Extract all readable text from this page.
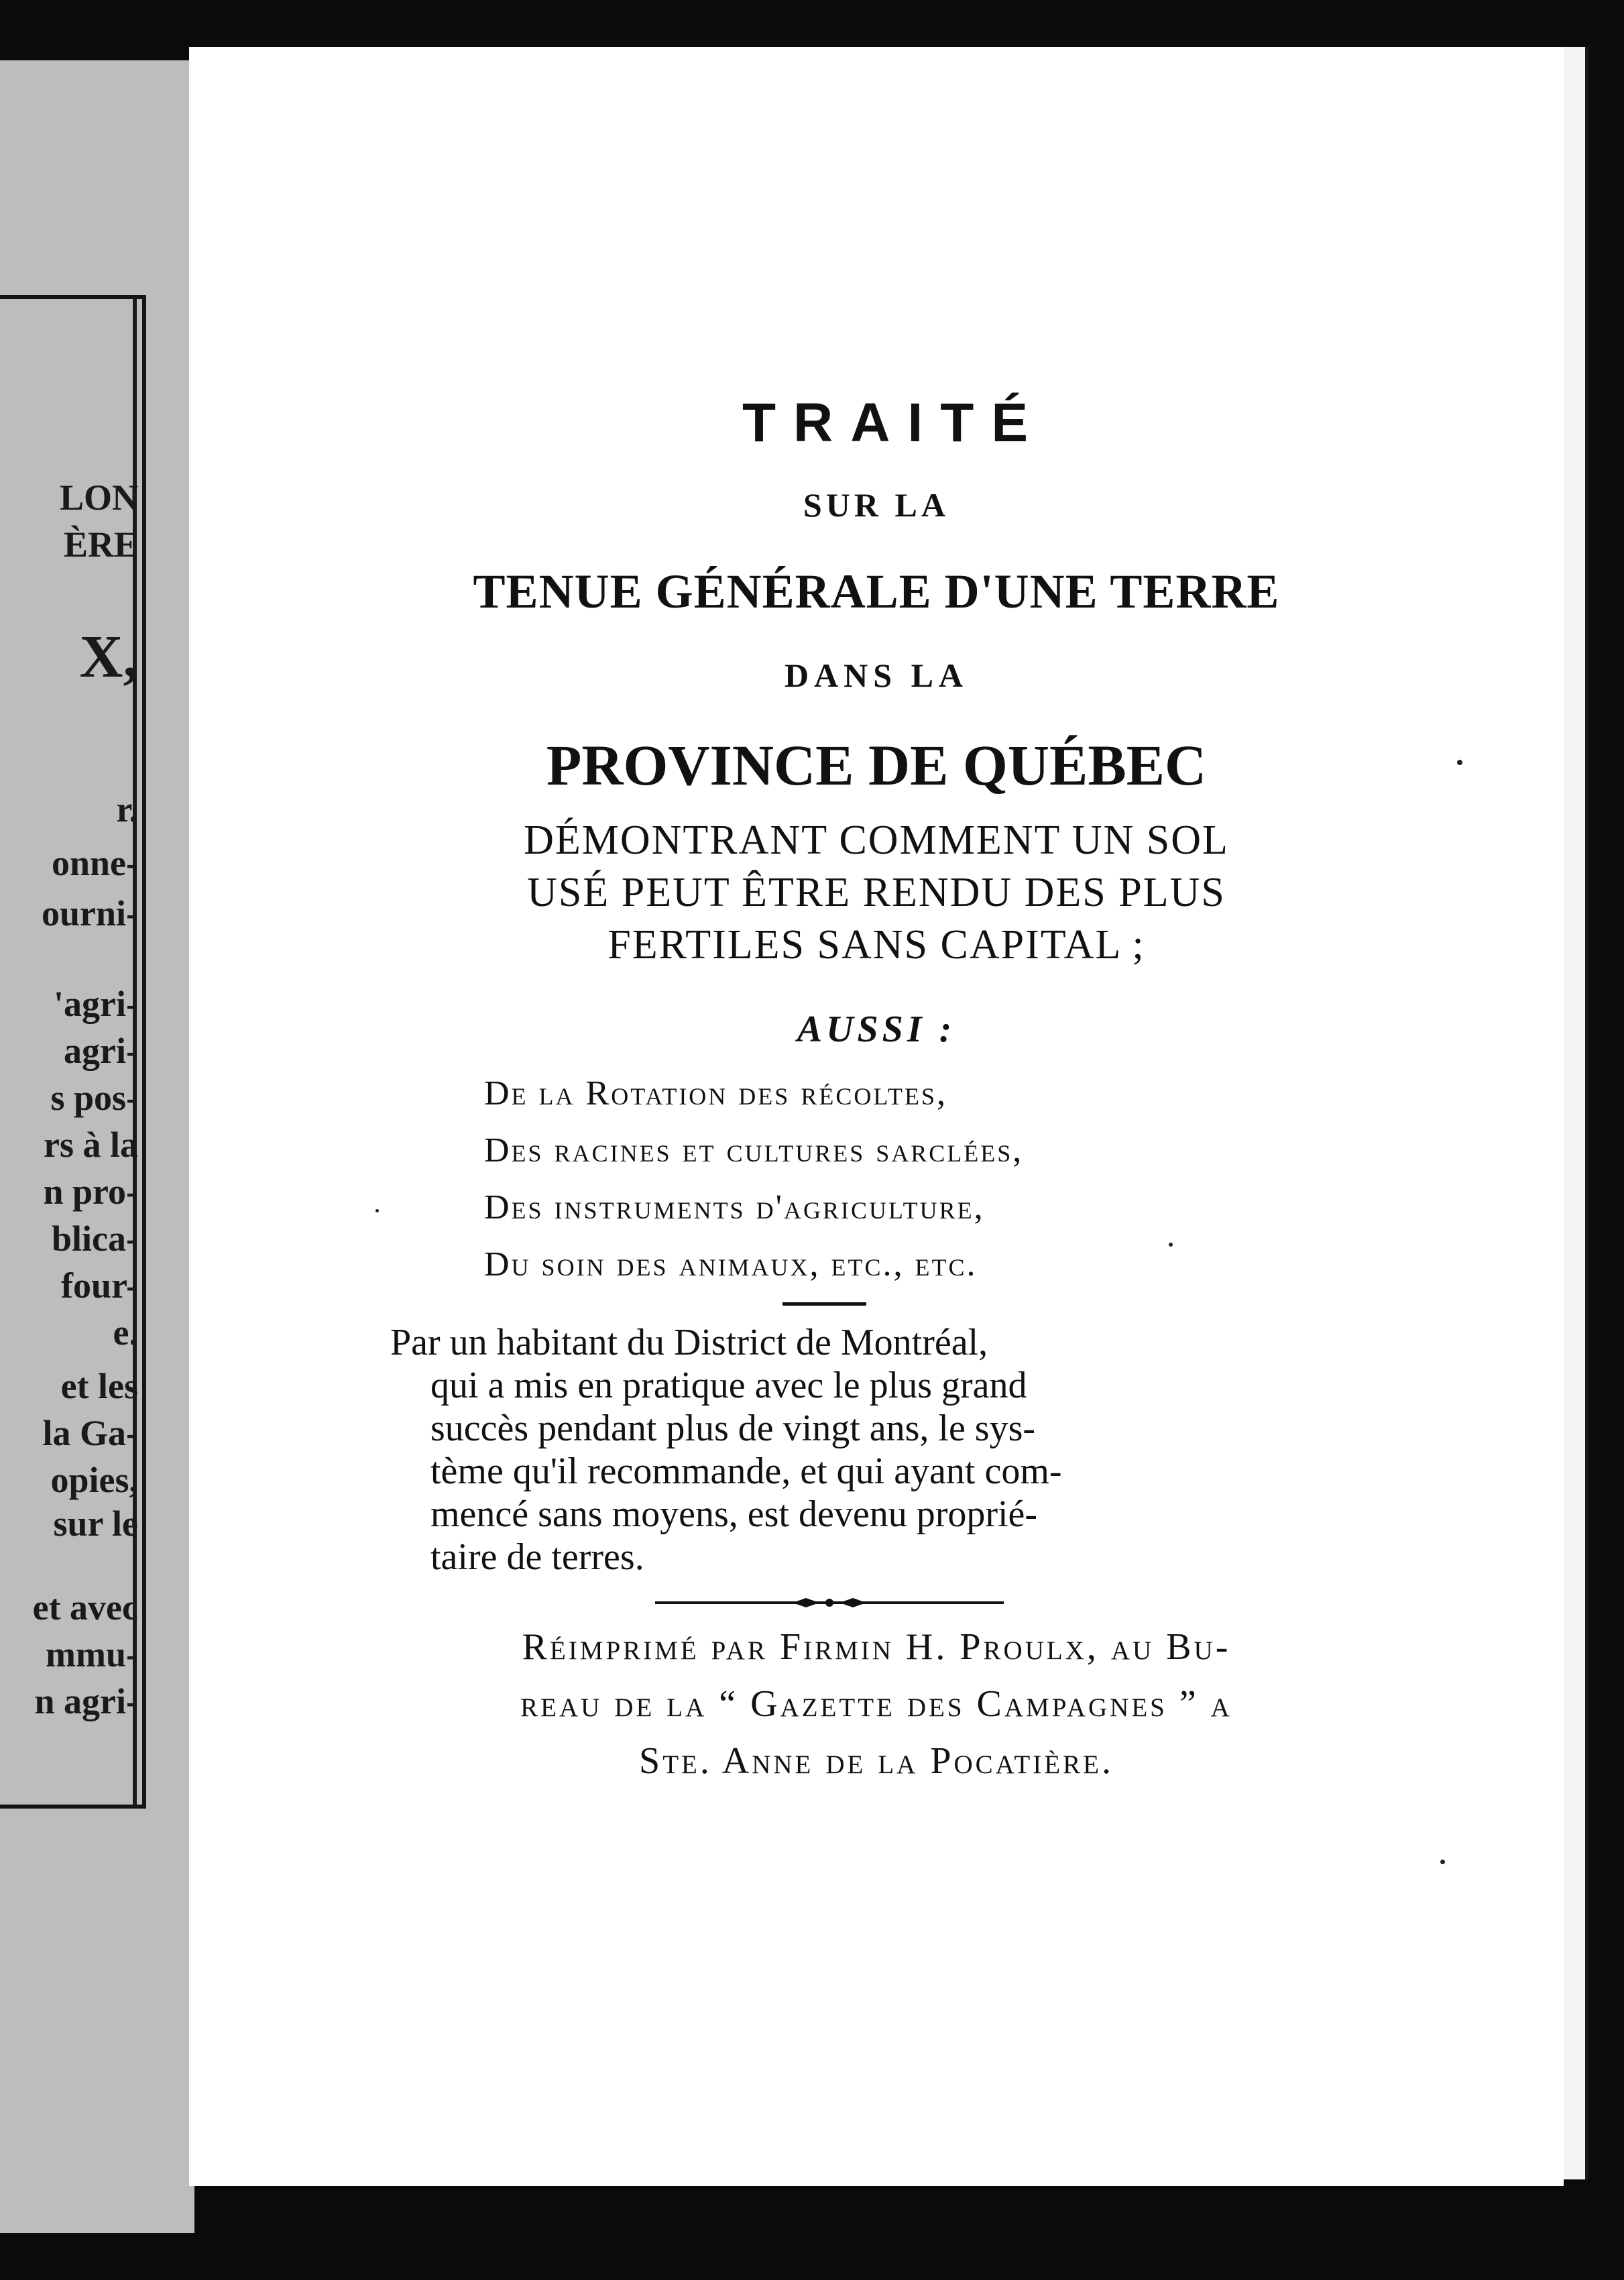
LON
ÈRE
X,
r.
onne-
ourni-
'agri-
agri-
s pos-
rs à la
n pro-
blica-
four-
e.
et les
la Ga-
opies,
sur le
et avec
mmu-
n agri-
TRAITÉ
SUR LA
TENUE GÉNÉRALE D'UNE TERRE
DANS LA
PROVINCE DE QUÉBEC
DÉMONTRANT COMMENT UN SOL
USÉ PEUT ÊTRE RENDU DES PLUS
FERTILES SANS CAPITAL ;
AUSSI :
De la Rotation des récoltes,
Des racines et cultures sarclées,
Des instruments d'agriculture,
Du soin des animaux, etc., etc.
Par un habitant du District de Montréal,
qui a mis en pratique avec le plus grand
succès pendant plus de vingt ans, le sys-
tème qu'il recommande, et qui ayant com-
mencé sans moyens, est devenu proprié-
taire de terres.
Réimprimé par Firmin H. Proulx, au Bu-
reau de la “ Gazette des Campagnes ” a
Ste. Anne de la Pocatière.
